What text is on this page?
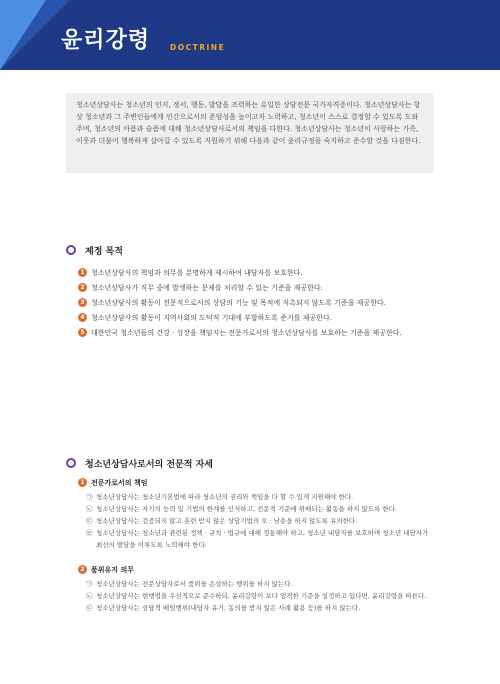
윤리강령	DOCTRINE

청소년상담사는 청소년의 인지, 정서, 행동, 발달을 조력하는 유일한 상담전문 국가자격증이다. 청소년상담사는 항상 청소년과 그 주변인들에게 인간으로서의 존엄성을 높이고자 노력하고, 청소년이 스스로 결정할 수 있도록 도와주며, 청소년의 아픔과 슬픔에 대해 청소년상담사로서의 책임을 다한다. 청소년상담사는 청소년이 사랑하는 가족, 이웃과 더불어 행복하게 살아갈 수 있도록 지원하기 위해 다음과 같이 윤리규정을 숙지하고 준수할 것을 다짐한다.

제정 목적
1 청소년상담사의 책임과 의무를 분명하게 제시하여 내담자를 보호한다.
2 청소년상담사가 직무 중에 발생하는 문제를 처리할 수 있는 기준을 제공한다.
3 청소년상담사의 활동이 전문직으로서의 상담의 기능 및 목적에 저촉되지 않도록 기준을 제공한다.
4 청소년상담사의 활동이 지역사회의 도덕적 기대에 부합하도록 준거를 제공한다.
5 대한민국 청소년들의 건강 · 성장을 책임지는 전문가로서의 청소년상담사를 보호하는 기준을 제공한다.
청소년상담사로서의 전문적 자세
1 전문가로서의 책임
㉠ 청소년상담사는 청소년기본법에 따라 청소년의 권리와 책임을 다 할 수 있게 지원해야 한다.
㉡ 청소년상담사는 자기의 능력 및 기법의 한계를 인식하고, 전문적 기준에 위배되는 활동을 하지 않도록 한다.
㉢ 청소년상담사는 검증되지 않고 훈련 받지 않은 상담기법의 오 · 남용을 하지 않도록 유의한다.
㉣ 청소년상담사는 청소년과 관련된 정책 · 규칙 · 법규에 대해 정통해야 하고, 청소년 내담자를 보호하며 청소년 내담자가 최선의 발달을 이루도록 노력해야 한다.
2 품위유지 의무
㉠ 청소년상담사는 전문상담자로서 품위를 손상하는 행위를 하지 않는다.
㉡ 청소년상담사는 현행법을 우선적으로 준수하되, 윤리강령이 보다 엄격한 기준을 설정하고 있다면, 윤리강령을 따른다.
㉢ 청소년상담사는 상담적 배임행위(내담자 유기, 동의를 받지 않은 사례 활용 등)를 하지 않는다.
